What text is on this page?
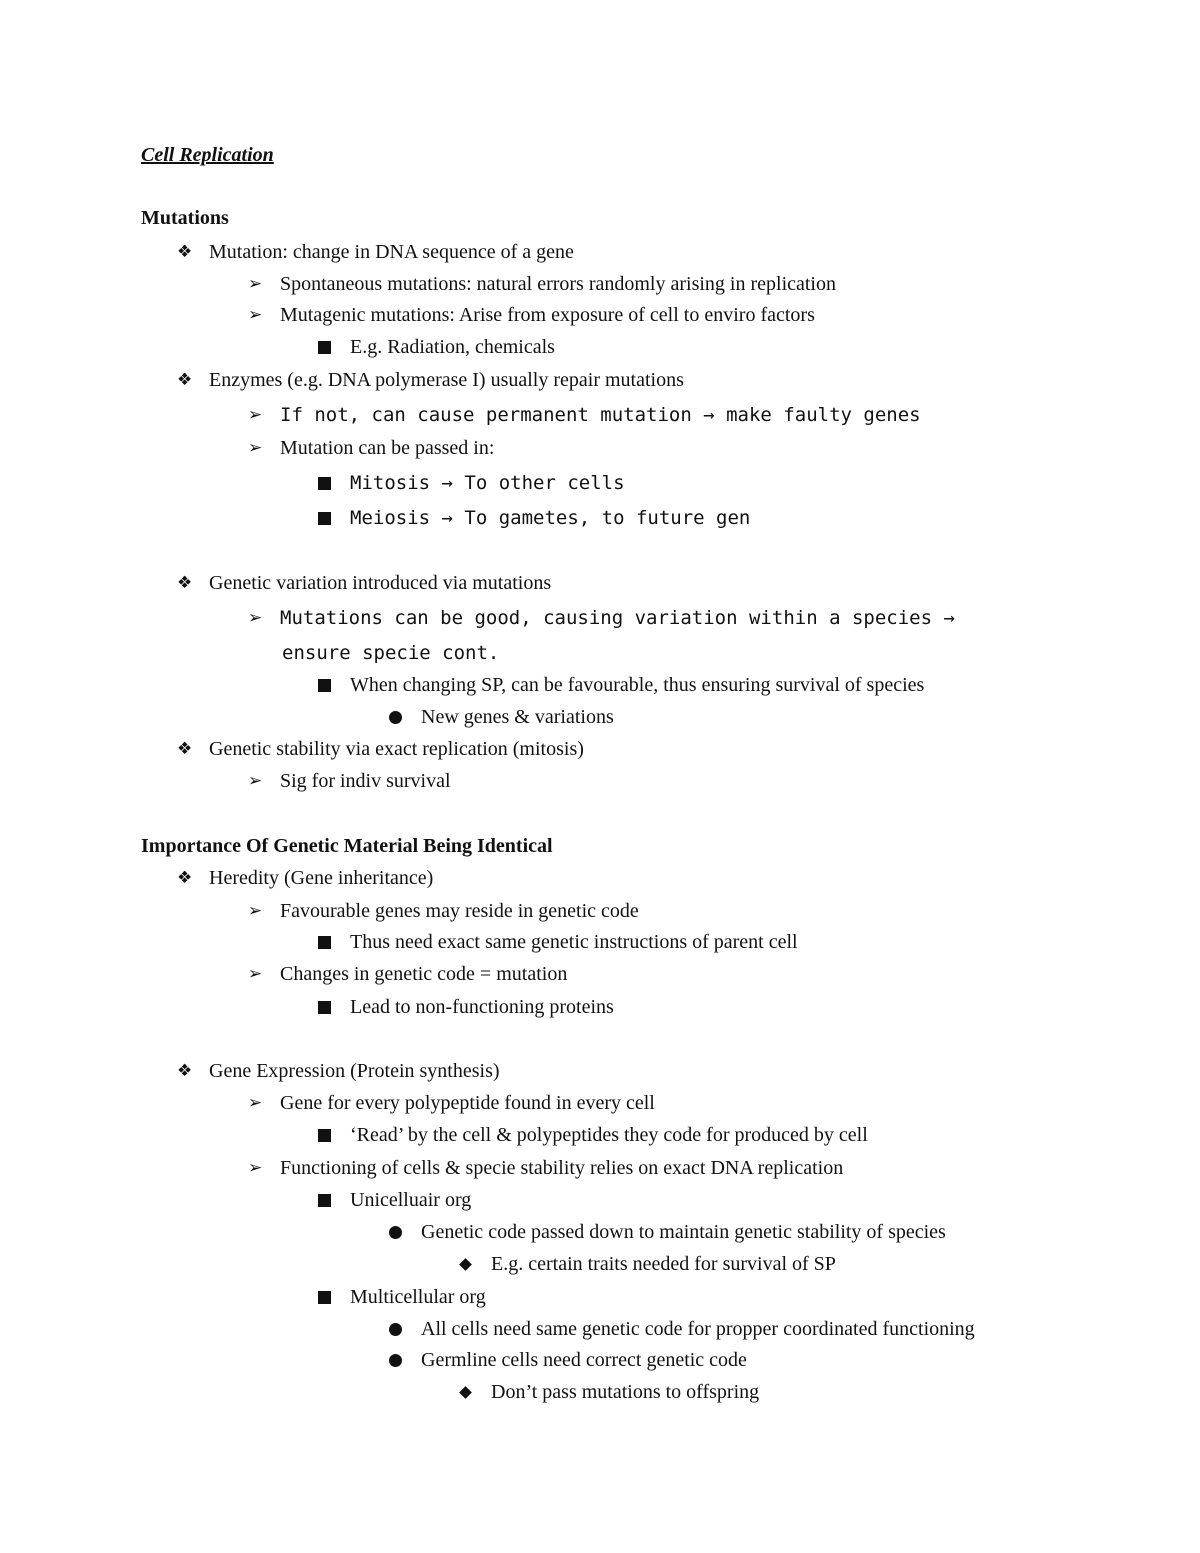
Cell Replication
Mutations
❖ Mutation: change in DNA sequence of a gene
➢ Spontaneous mutations: natural errors randomly arising in replication
➢ Mutagenic mutations: Arise from exposure of cell to enviro factors
E.g. Radiation, chemicals
❖ Enzymes (e.g. DNA polymerase I) usually repair mutations
➢ If not, can cause permanent mutation → make faulty genes
➢ Mutation can be passed in:
Mitosis → To other cells
Meiosis → To gametes, to future gen
❖ Genetic variation introduced via mutations
➢ Mutations can be good, causing variation within a species →
ensure specie cont.
When changing SP, can be favourable, thus ensuring survival of species
New genes & variations
❖ Genetic stability via exact replication (mitosis)
➢ Sig for indiv survival
Importance Of Genetic Material Being Identical
❖ Heredity (Gene inheritance)
➢ Favourable genes may reside in genetic code
Thus need exact same genetic instructions of parent cell
➢ Changes in genetic code = mutation
Lead to non-functioning proteins
❖ Gene Expression (Protein synthesis)
➢ Gene for every polypeptide found in every cell
‘Read’ by the cell & polypeptides they code for produced by cell
➢ Functioning of cells & specie stability relies on exact DNA replication
Unicelluair org
Genetic code passed down to maintain genetic stability of species
E.g. certain traits needed for survival of SP
Multicellular org
All cells need same genetic code for propper coordinated functioning
Germline cells need correct genetic code
Don’t pass mutations to offspring
